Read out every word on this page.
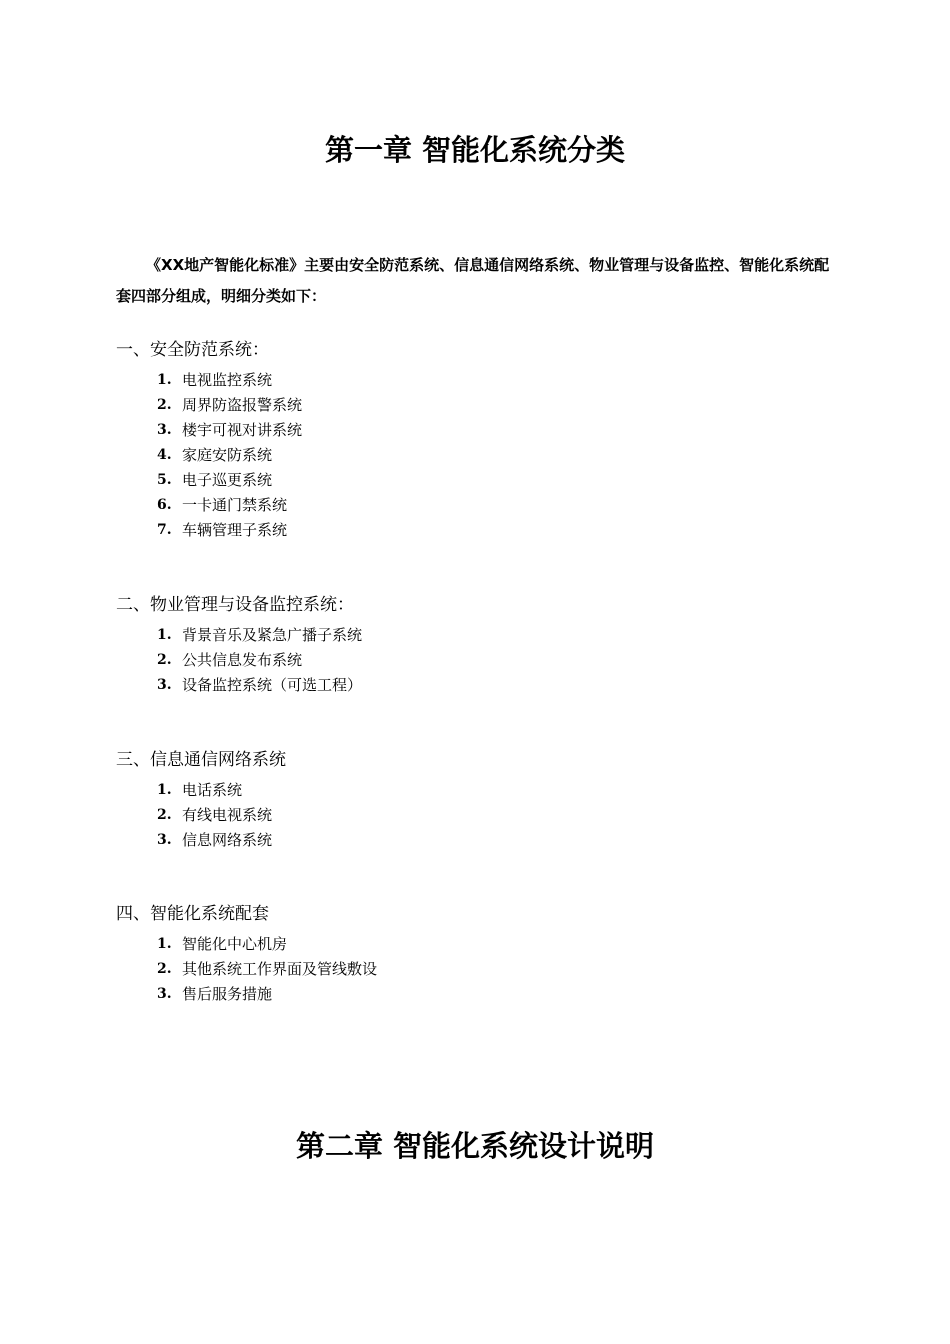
第一章 智能化系统分类

《XX地产智能化标准》主要由安全防范系统、信息通信网络系统、物业管理与设备监控、智能化系统配套四部分组成，明细分类如下：

一、安全防范系统：
1. 电视监控系统
2. 周界防盗报警系统
3. 楼宇可视对讲系统
4. 家庭安防系统
5. 电子巡更系统
6. 一卡通门禁系统
7. 车辆管理子系统
二、物业管理与设备监控系统：
1. 背景音乐及紧急广播子系统
2. 公共信息发布系统
3. 设备监控系统（可选工程）
三、信息通信网络系统
1. 电话系统
2. 有线电视系统
3. 信息网络系统
四、智能化系统配套
1. 智能化中心机房
2. 其他系统工作界面及管线敷设
3. 售后服务措施
第二章 智能化系统设计说明
